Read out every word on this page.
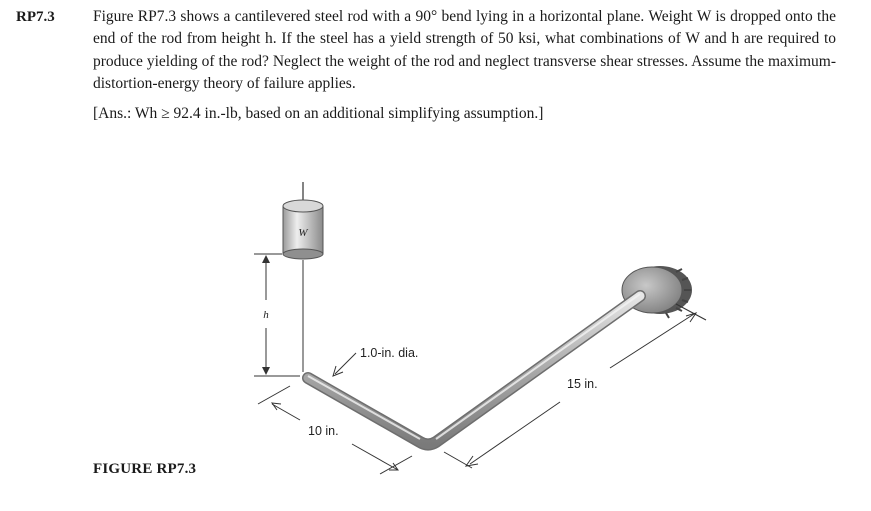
RP7.3 Figure RP7.3 shows a cantilevered steel rod with a 90° bend lying in a horizontal plane. Weight W is dropped onto the end of the rod from height h. If the steel has a yield strength of 50 ksi, what combinations of W and h are required to produce yielding of the rod? Neglect the weight of the rod and neglect transverse shear stresses. Assume the maximum-distortion-energy theory of failure applies.
[Ans.: Wh ≥ 92.4 in.-lb, based on an additional simplifying assumption.]
W
h
1.0-in. dia.
10 in.
15 in.
FIGURE RP7.3
